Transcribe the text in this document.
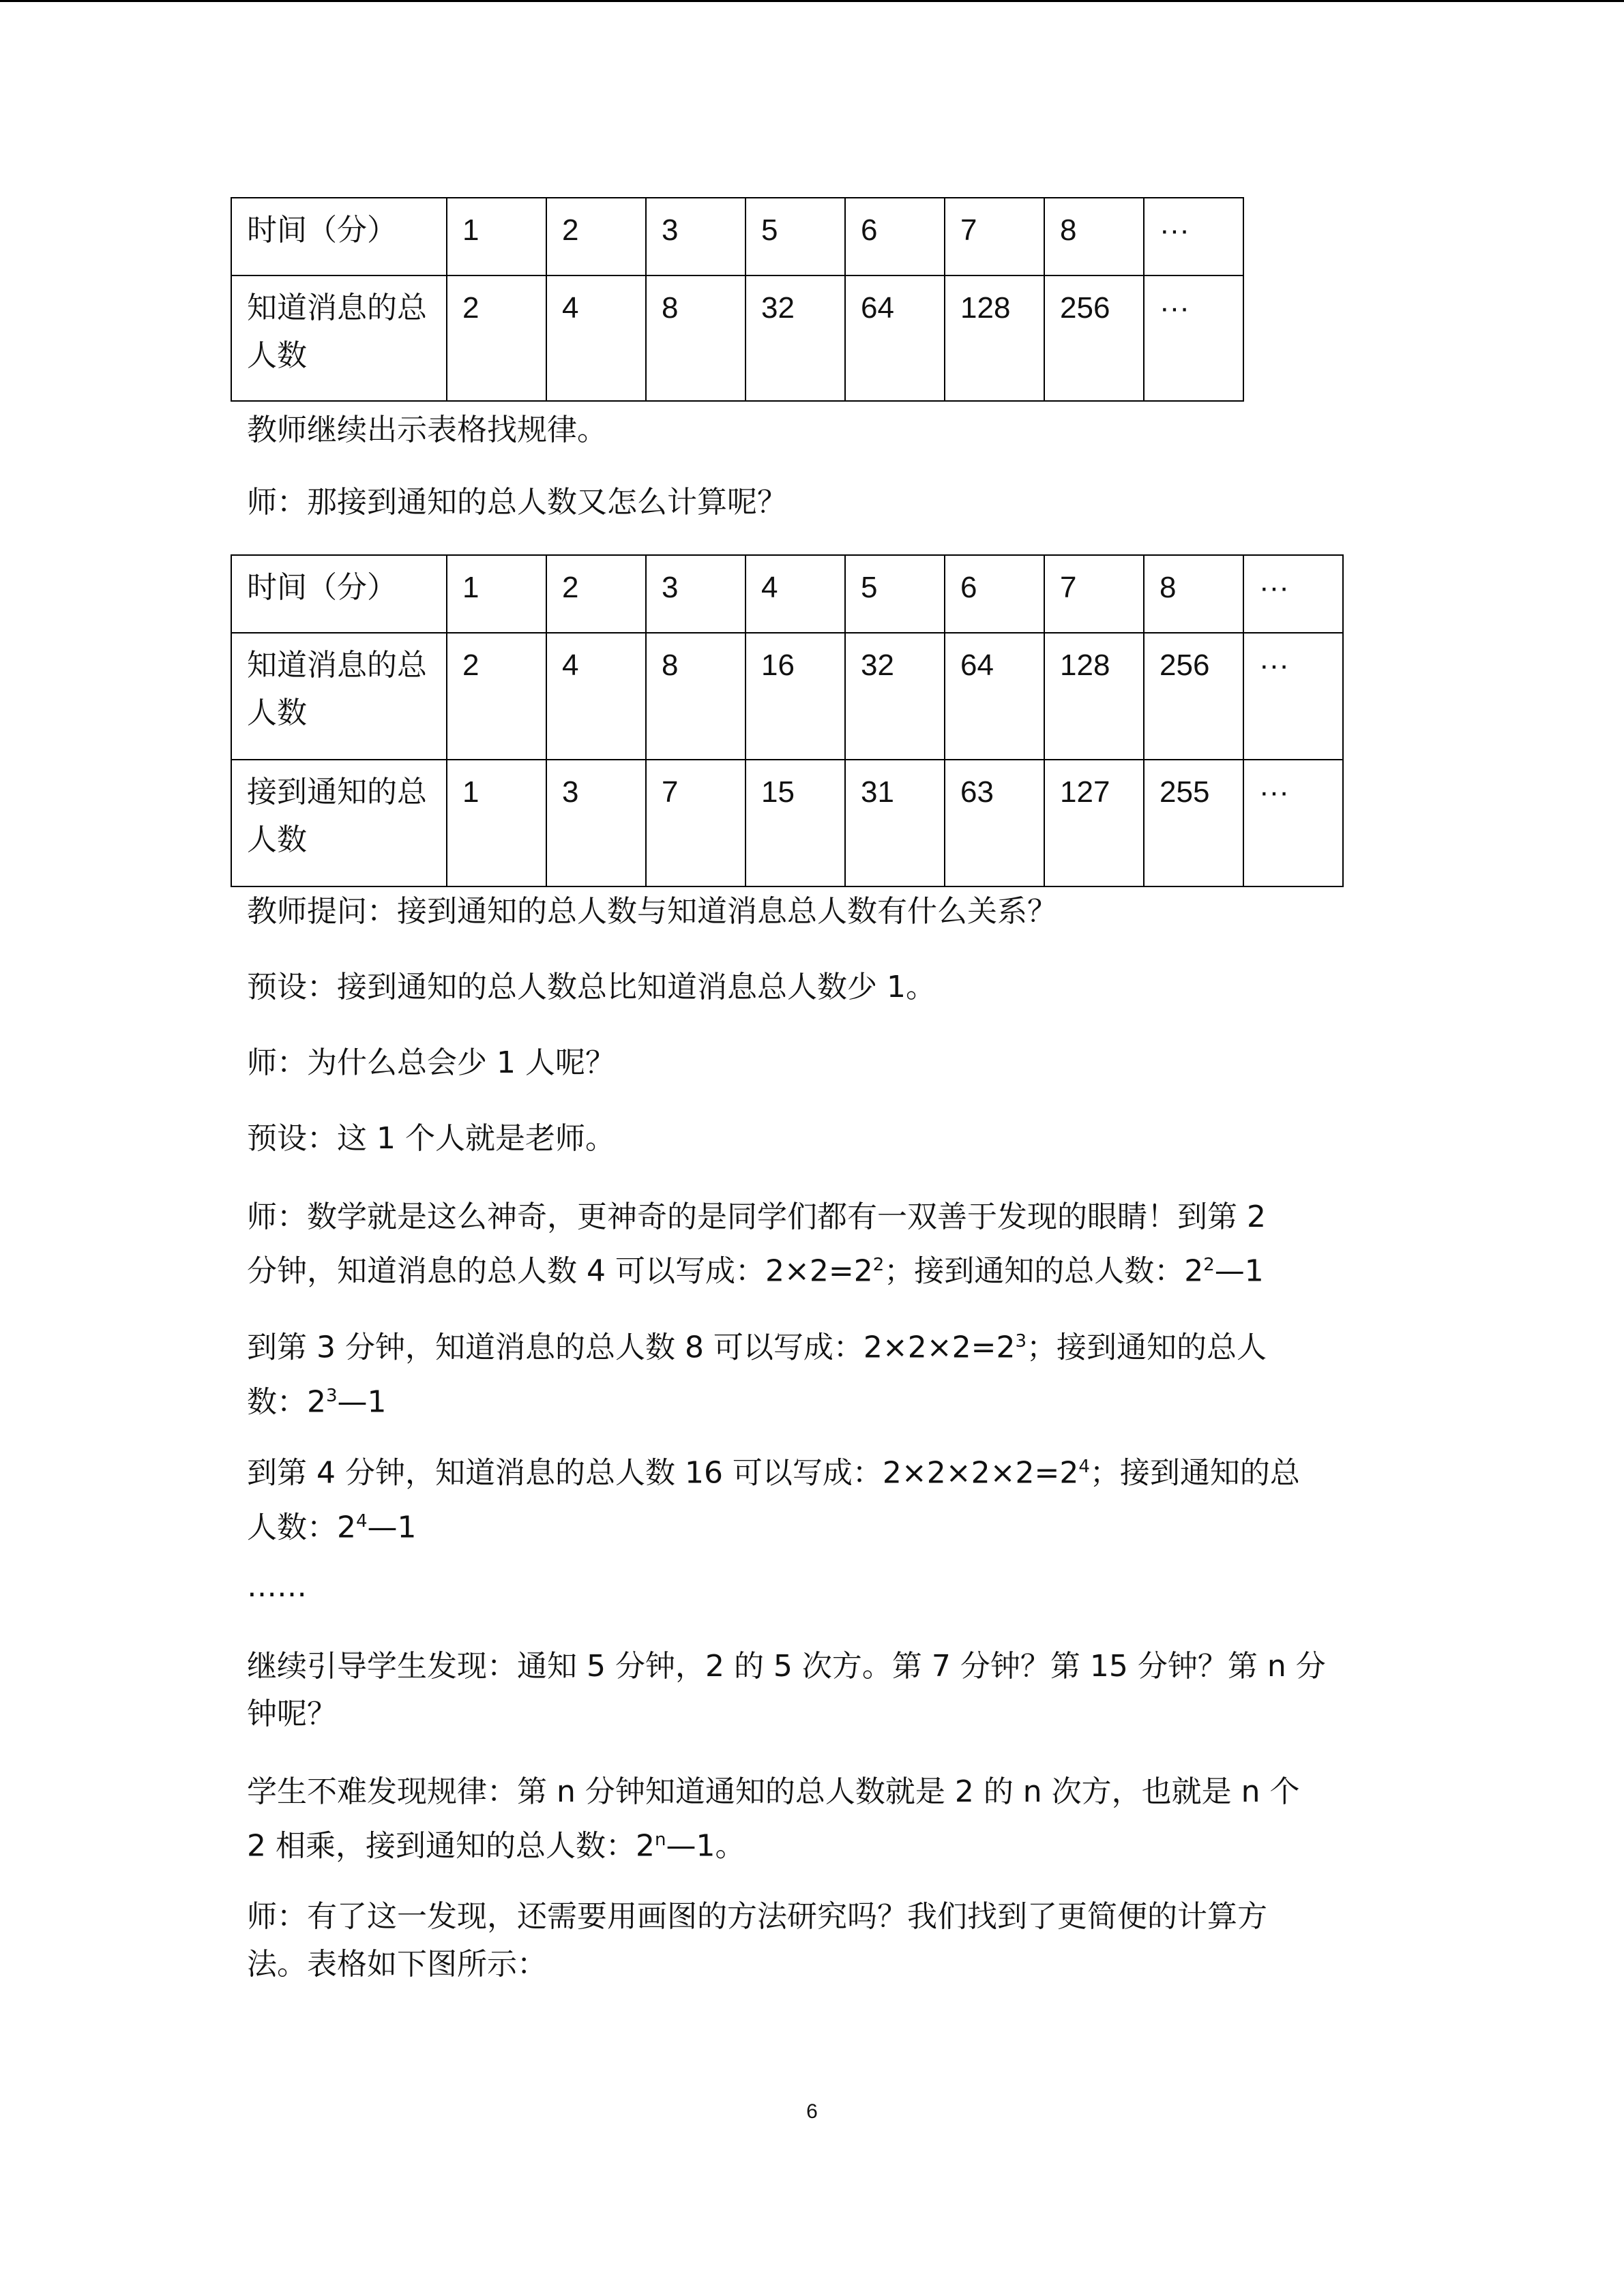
时间（分）	1	2	3	5	6	7	8	···
知道消息的总人数	2	4	8	32	64	128	256	···

教师继续出示表格找规律。

师：那接到通知的总人数又怎么计算呢？

时间（分）	1	2	3	4	5	6	7	8	···
知道消息的总人数	2	4	8	16	32	64	128	256	···
接到通知的总人数	1	3	7	15	31	63	127	255	···

教师提问：接到通知的总人数与知道消息总人数有什么关系？

预设：接到通知的总人数总比知道消息总人数少 1。

师：为什么总会少 1 人呢？

预设：这 1 个人就是老师。

师：数学就是这么神奇，更神奇的是同学们都有一双善于发现的眼睛！到第 2
分钟，知道消息的总人数 4 可以写成：$2\times 2=2^2$；接到通知的总人数：$2^2—1$
到第 3 分钟，知道消息的总人数 8 可以写成：$2\times 2\times 2=2^3$；接到通知的总人
数：$2^3—1$
到第 4 分钟，知道消息的总人数 16 可以写成：$2\times 2\times 2\times 2=2^4$；接到通知的总
人数：$2^4—1$

……

继续引导学生发现：通知 5 分钟，2 的 5 次方。第 7 分钟？第 15 分钟？第 n 分
钟呢？
学生不难发现规律：第 n 分钟知道通知的总人数就是 2 的 n 次方，也就是 n 个
2 相乘，接到通知的总人数：2$^n$—1。
师：有了这一发现，还需要用画图的方法研究吗？我们找到了更简便的计算方
法。表格如下图所示：
6
